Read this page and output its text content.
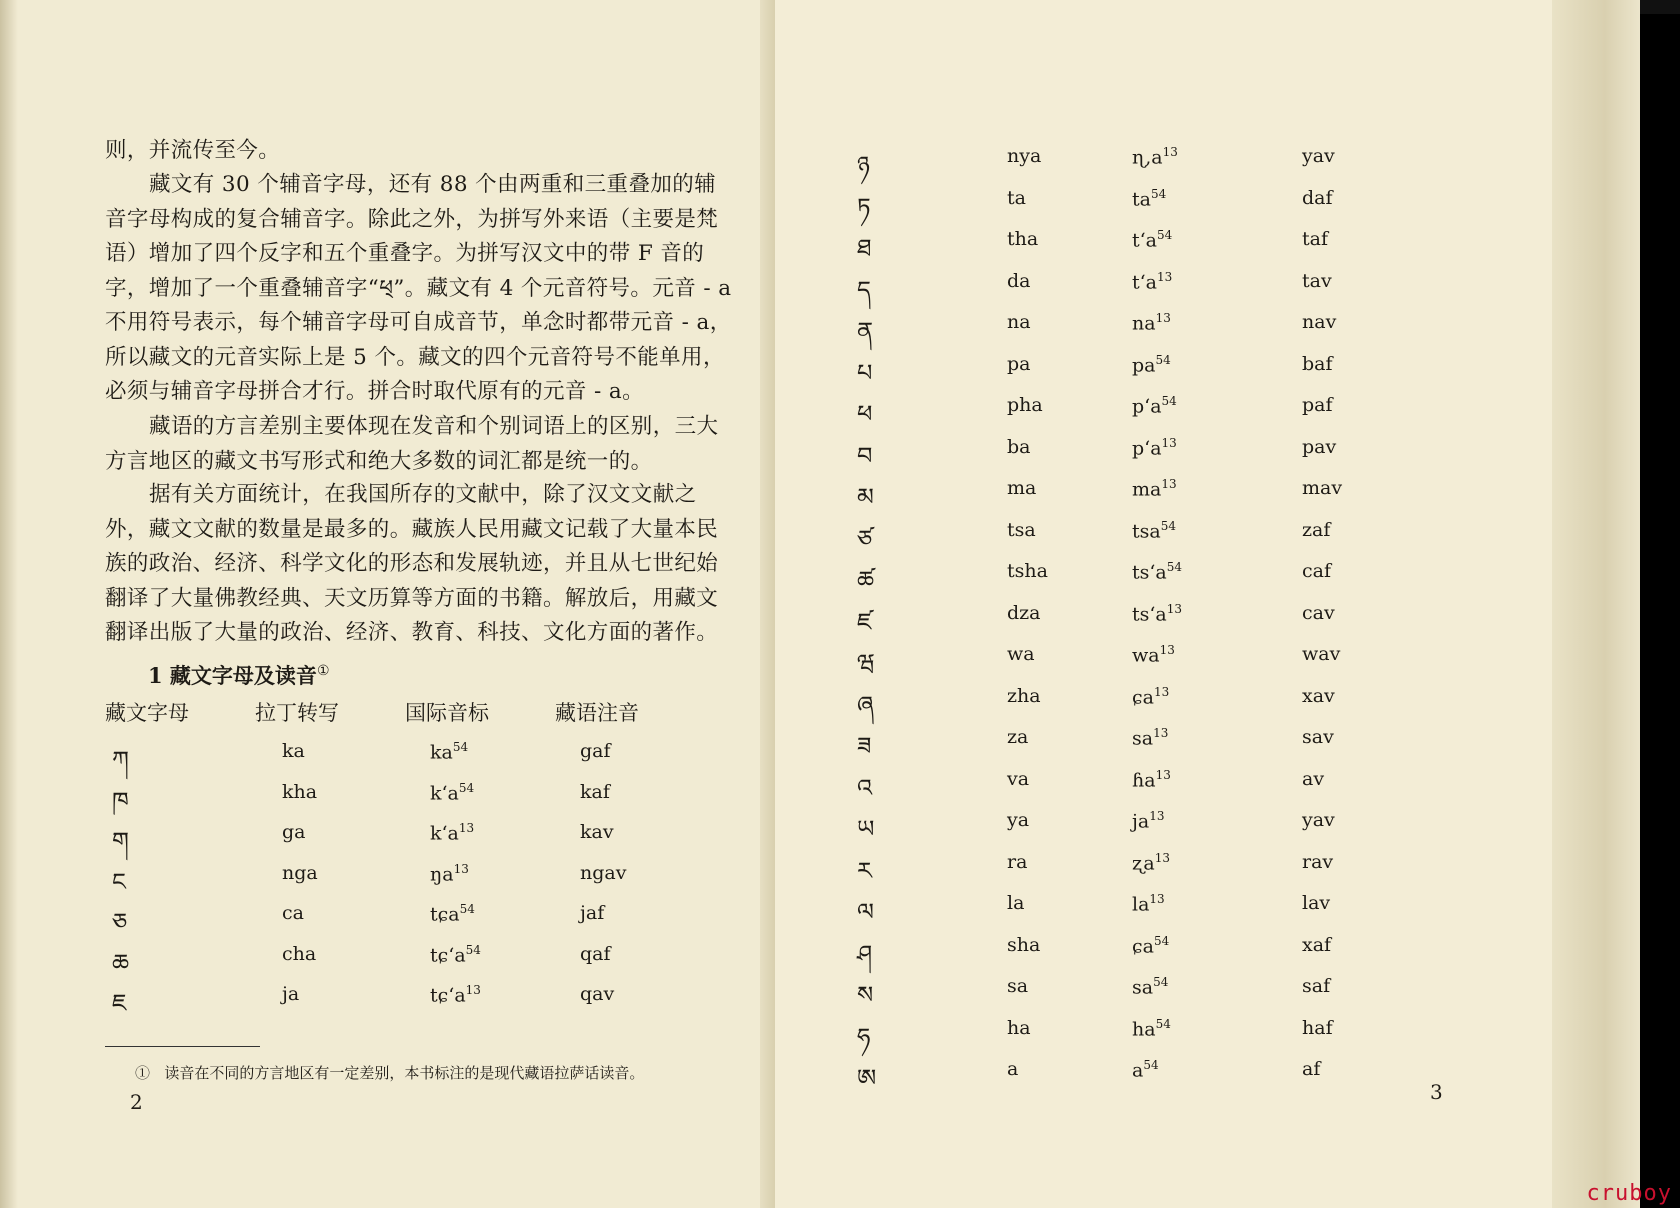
则，并流传至今。
藏文有 30 个辅音字母，还有 88 个由两重和三重叠加的辅音字母构成的复合辅音字。除此之外，为拼写外来语（主要是梵语）增加了四个反字和五个重叠字。为拼写汉文中的带 F 音的字，增加了一个重叠辅音字“ཕ྄”。藏文有 4 个元音符号。元音 - a 不用符号表示，每个辅音字母可自成音节，单念时都带元音 - a，所以藏文的元音实际上是 5 个。藏文的四个元音符号不能单用，必须与辅音字母拼合才行。拼合时取代原有的元音 - a。
藏语的方言差别主要体现在发音和个别词语上的区别，三大方言地区的藏文书写形式和绝大多数的词汇都是统一的。
据有关方面统计，在我国所存的文献中，除了汉文文献之外，藏文文献的数量是最多的。藏族人民用藏文记载了大量本民族的政治、经济、科学文化的形态和发展轨迹，并且从七世纪始翻译了大量佛教经典、天文历算等方面的书籍。解放后，用藏文翻译出版了大量的政治、经济、教育、科技、文化方面的著作。
1 藏文字母及读音①
藏文字母	拉丁转写	国际音标	藏语注音
ཀ	ka	$ka^{54}$	gaf
ཁ	kha	$k‘a^{54}$	kaf
ག	ga	$k‘a^{13}$	kav
ང	nga	$ŋa^{13}$	ngav
ཅ	ca	tɕa$^{54}$	jaf
ཆ	cha	$tɕ‘a^{54}$	qaf
ཇ	ja	$tɕ‘a^{13}$	qav
① 读音在不同的方言地区有一定差别，本书标注的是现代藏语拉萨话读音。
2
ཉ	nya	$ɳ‚a^{13}$	yav
ཏ	ta	$ta^{54}$	daf
ཐ	tha	$t‘a^{54}$	taf
ད	da	$t‘a^{13}$	tav
ན	na	$na^{13}$	nav
པ	pa	$pa^{54}$	baf
ཕ	pha	$p‘a^{54}$	paf
བ	ba	$p‘a^{13}$	pav
མ	ma	$ma^{13}$	mav
ཙ	tsa	tsa$^{54}$	zaf
ཚ	tsha	$ts‘a^{54}$	caf
ཛ	dza	$ts‘a^{13}$	cav
ཝ	wa	$wa^{13}$	wav
ཞ	zha	ɕa$^{13}$	xav
ཟ	za	$sa^{13}$	sav
འ	va	ɦa$^{13}$	av
ཡ	ya	$ja^{13}$	yav
ར	ra	ʐa$^{13}$	rav
ལ	la	$la^{13}$	lav
ཤ	sha	ɕa$^{54}$	xaf
ས	sa	$sa^{54}$	saf
ཧ	ha	$ha^{54}$	haf
ཨ	a	$a^{54}$	af
3
cruboy
